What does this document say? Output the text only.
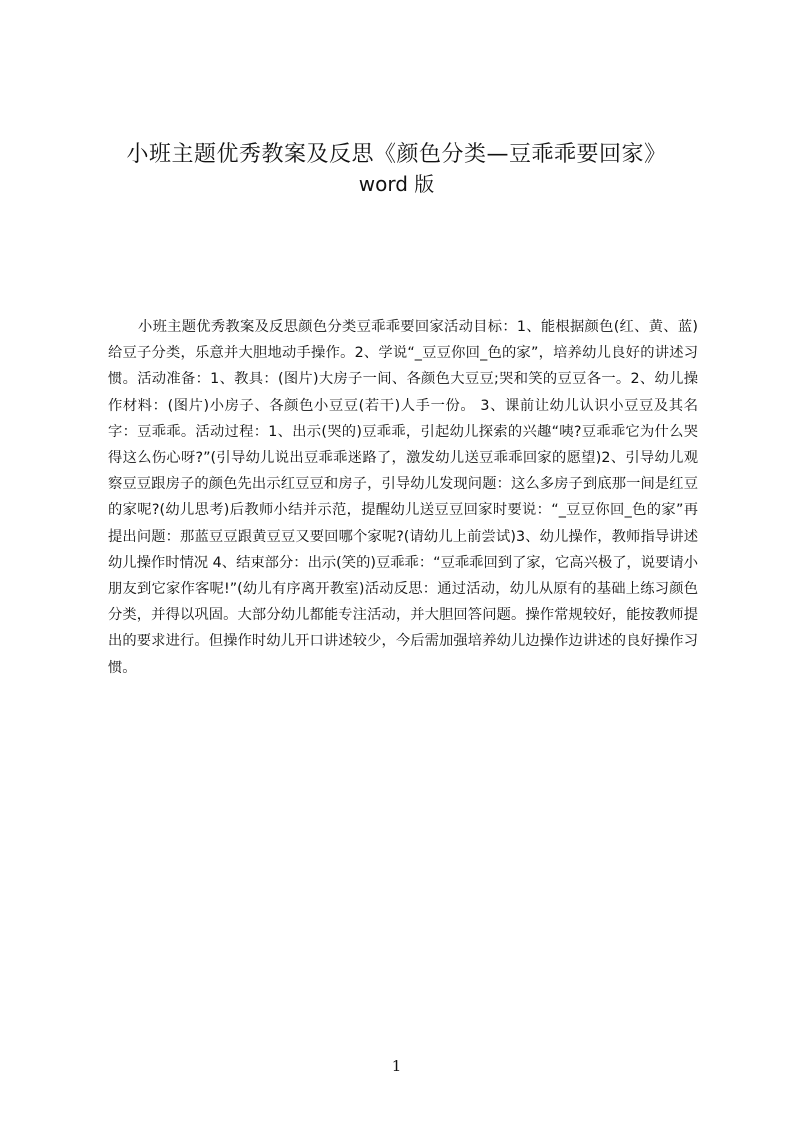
小班主题优秀教案及反思《颜色分类—豆乖乖要回家》
word 版
小班主题优秀教案及反思颜色分类豆乖乖要回家活动目标：1、能根据颜色(红、黄、蓝)给豆子分类，乐意并大胆地动手操作。2、学说“_豆豆你回_色的家”，培养幼儿良好的讲述习惯。活动准备：1、教具：(图片)大房子一间、各颜色大豆豆;哭和笑的豆豆各一。2、幼儿操作材料：(图片)小房子、各颜色小豆豆(若干)人手一份。 3、课前让幼儿认识小豆豆及其名字：豆乖乖。活动过程：1、出示(哭的)豆乖乖，引起幼儿探索的兴趣“咦?豆乖乖它为什么哭得这么伤心呀?”(引导幼儿说出豆乖乖迷路了，激发幼儿送豆乖乖回家的愿望)2、引导幼儿观察豆豆跟房子的颜色先出示红豆豆和房子，引导幼儿发现问题：这么多房子到底那一间是红豆的家呢?(幼儿思考)后教师小结并示范，提醒幼儿送豆豆回家时要说：“_豆豆你回_色的家”再提出问题：那蓝豆豆跟黄豆豆又要回哪个家呢?(请幼儿上前尝试)3、幼儿操作，教师指导讲述幼儿操作时情况 4、结束部分：出示(笑的)豆乖乖：“豆乖乖回到了家，它高兴极了，说要请小朋友到它家作客呢!”(幼儿有序离开教室)活动反思：通过活动，幼儿从原有的基础上练习颜色分类，并得以巩固。大部分幼儿都能专注活动，并大胆回答问题。操作常规较好，能按教师提出的要求进行。但操作时幼儿开口讲述较少，今后需加强培养幼儿边操作边讲述的良好操作习惯。
1
